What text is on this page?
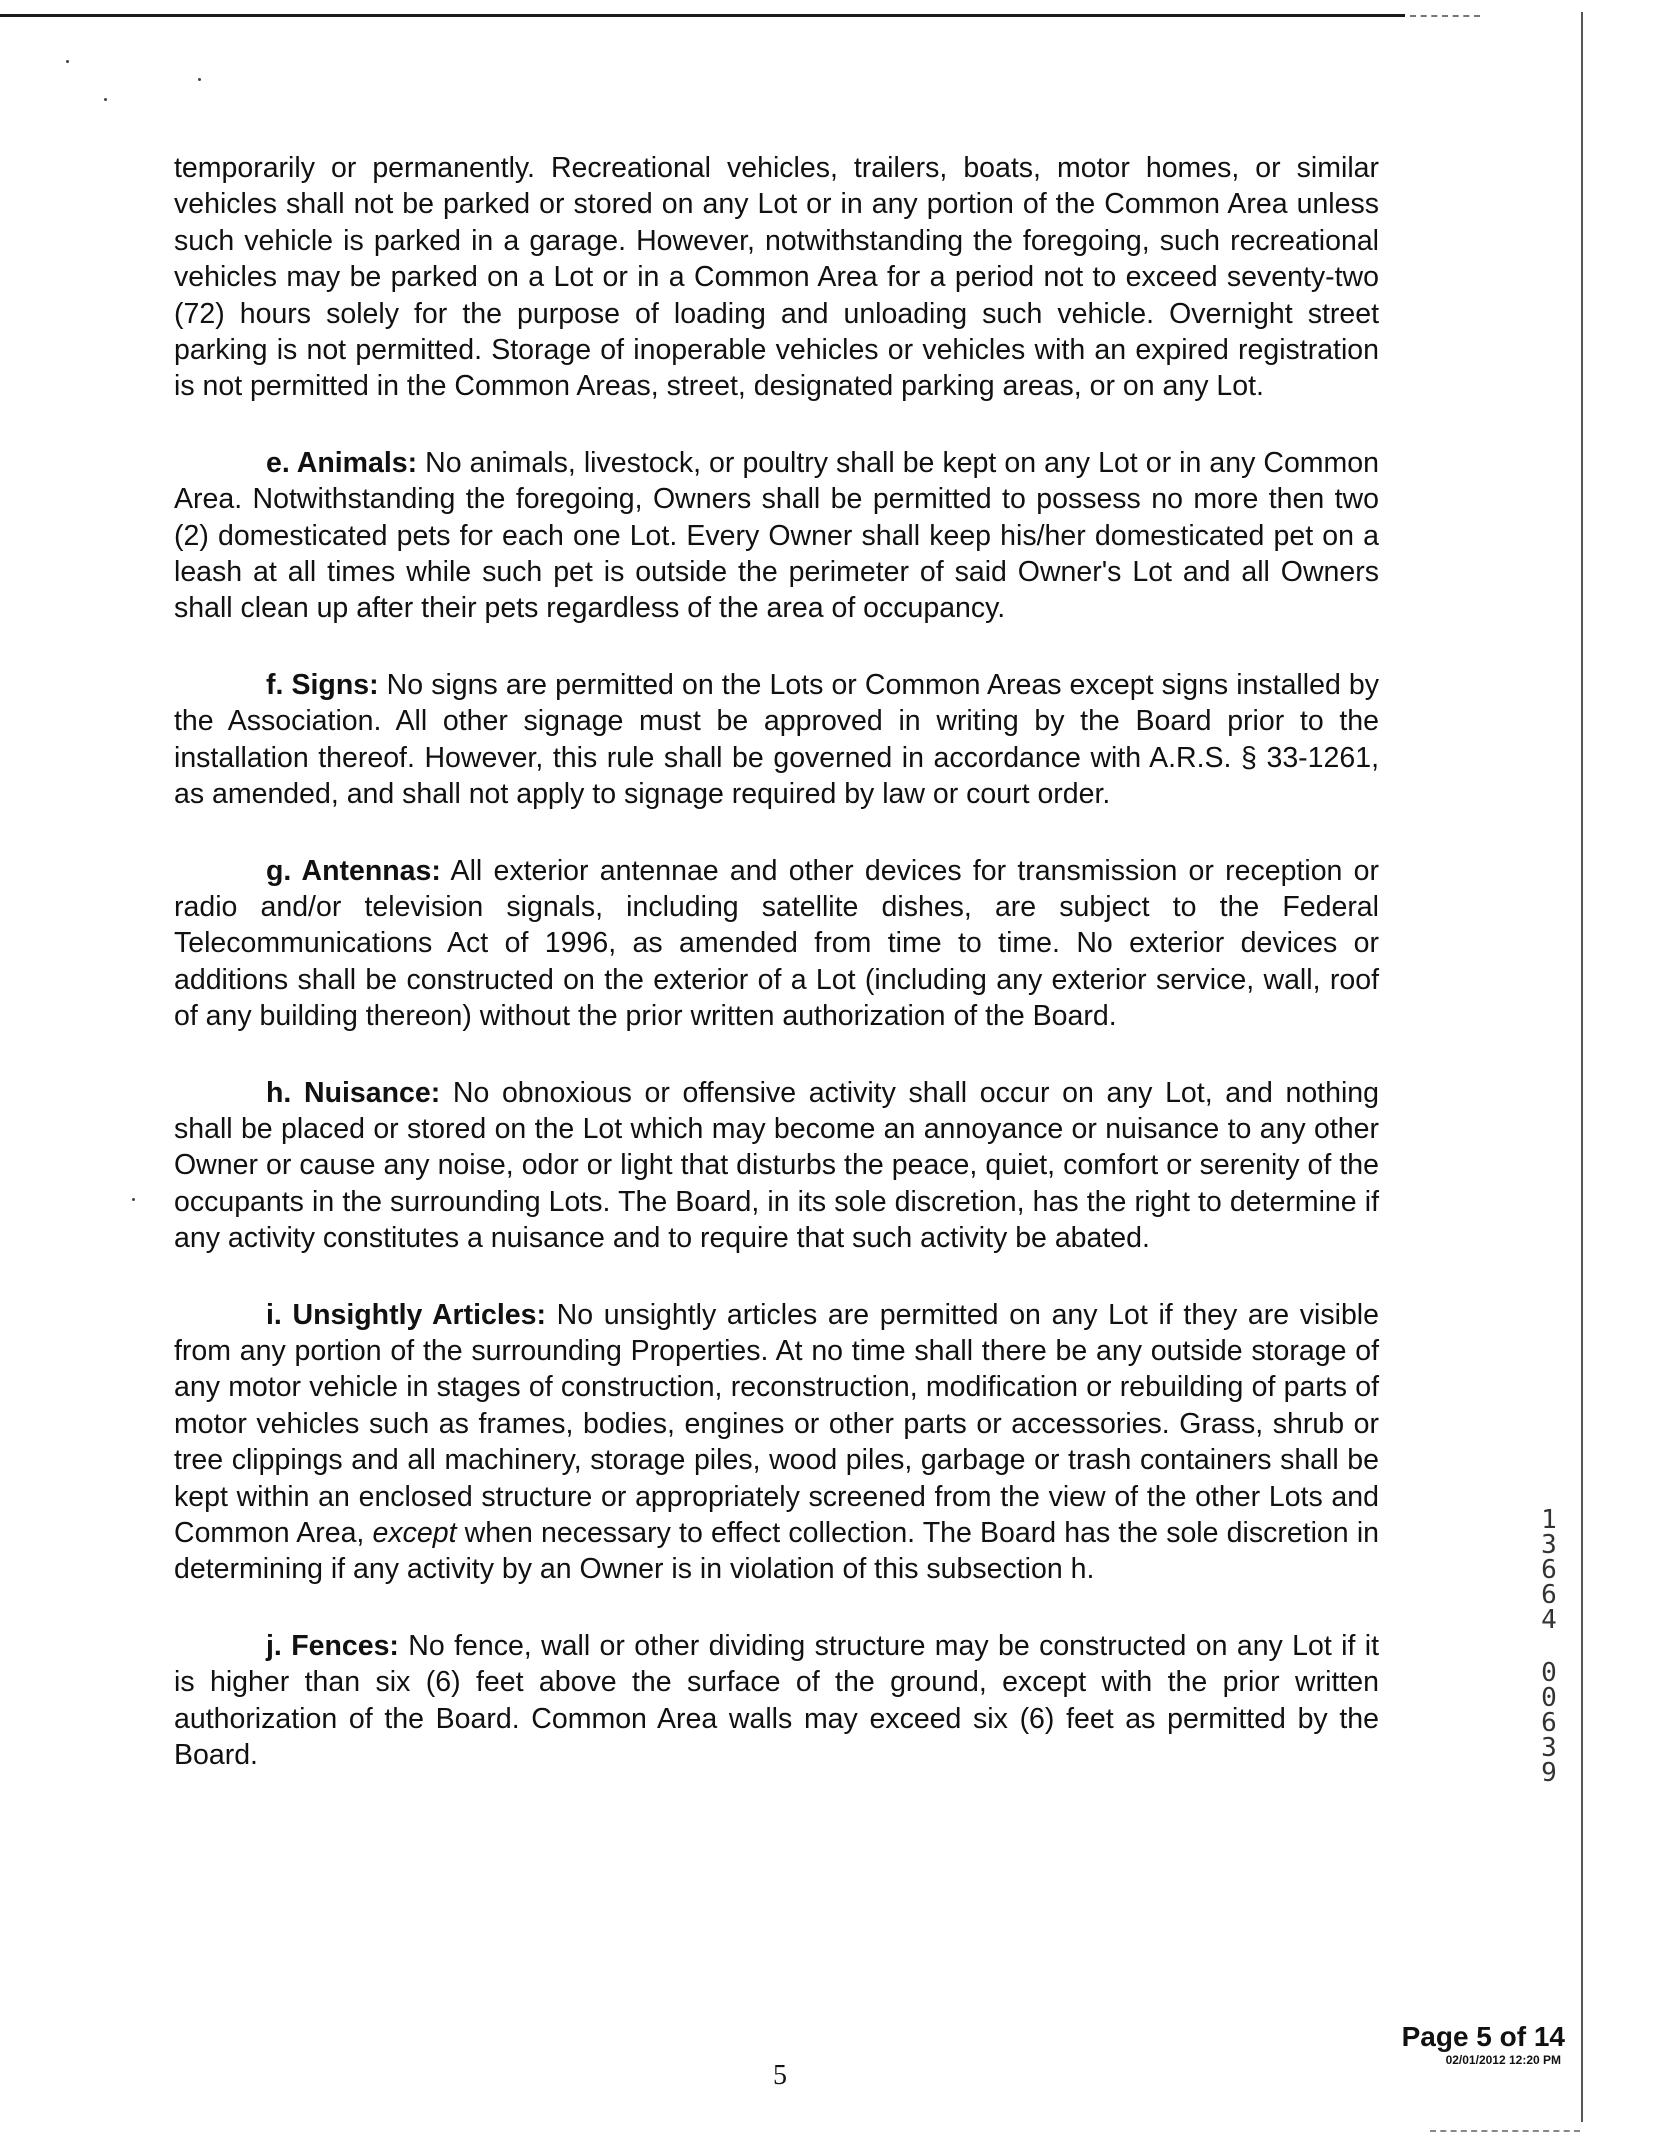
temporarily or permanently. Recreational vehicles, trailers, boats, motor homes, or similar vehicles shall not be parked or stored on any Lot or in any portion of the Common Area unless such vehicle is parked in a garage. However, notwithstanding the foregoing, such recreational vehicles may be parked on a Lot or in a Common Area for a period not to exceed seventy-two (72) hours solely for the purpose of loading and unloading such vehicle. Overnight street parking is not permitted. Storage of inoperable vehicles or vehicles with an expired registration is not permitted in the Common Areas, street, designated parking areas, or on any Lot.

e. Animals: No animals, livestock, or poultry shall be kept on any Lot or in any Common Area. Notwithstanding the foregoing, Owners shall be permitted to possess no more then two (2) domesticated pets for each one Lot. Every Owner shall keep his/her domesticated pet on a leash at all times while such pet is outside the perimeter of said Owner's Lot and all Owners shall clean up after their pets regardless of the area of occupancy.

f. Signs: No signs are permitted on the Lots or Common Areas except signs installed by the Association. All other signage must be approved in writing by the Board prior to the installation thereof. However, this rule shall be governed in accordance with A.R.S. § 33-1261, as amended, and shall not apply to signage required by law or court order.

g. Antennas: All exterior antennae and other devices for transmission or reception or radio and/or television signals, including satellite dishes, are subject to the Federal Telecommunications Act of 1996, as amended from time to time. No exterior devices or additions shall be constructed on the exterior of a Lot (including any exterior service, wall, roof of any building thereon) without the prior written authorization of the Board.

h. Nuisance: No obnoxious or offensive activity shall occur on any Lot, and nothing shall be placed or stored on the Lot which may become an annoyance or nuisance to any other Owner or cause any noise, odor or light that disturbs the peace, quiet, comfort or serenity of the occupants in the surrounding Lots. The Board, in its sole discretion, has the right to determine if any activity constitutes a nuisance and to require that such activity be abated.

i. Unsightly Articles: No unsightly articles are permitted on any Lot if they are visible from any portion of the surrounding Properties. At no time shall there be any outside storage of any motor vehicle in stages of construction, reconstruction, modification or rebuilding of parts of motor vehicles such as frames, bodies, engines or other parts or accessories. Grass, shrub or tree clippings and all machinery, storage piles, wood piles, garbage or trash containers shall be kept within an enclosed structure or appropriately screened from the view of the other Lots and Common Area, except when necessary to effect collection. The Board has the sole discretion in determining if any activity by an Owner is in violation of this subsection h.

j. Fences: No fence, wall or other dividing structure may be constructed on any Lot if it is higher than six (6) feet above the surface of the ground, except with the prior written authorization of the Board. Common Area walls may exceed six (6) feet as permitted by the Board.

1
3
6
6
4
0
0
6
3
9
Page 5 of 14
02/01/2012 12:20 PM
5
